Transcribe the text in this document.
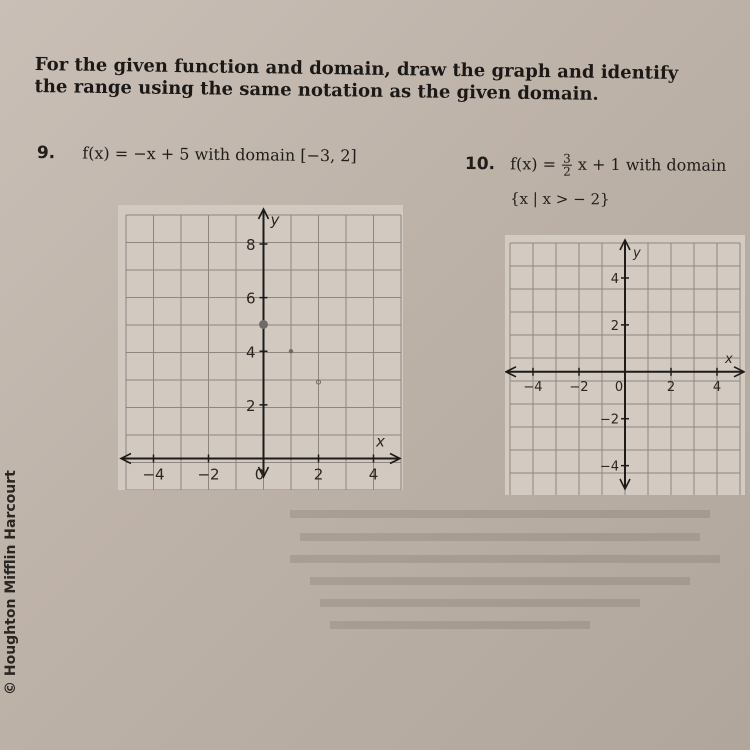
© Houghton Mifflin Harcourt
For the given function and domain, draw the graph and identify
the range using the same notation as the given domain.
9. f(x) = −x + 5 with domain [−3, 2]	10. $f(x) = \frac{3}{2}$ x + 1 with domain
{x | x > − 2}
2
4
6
8
−4 −2 0	2	4
x
y
4
2
−2
−4
−4 −2 0	2	4
x
y
